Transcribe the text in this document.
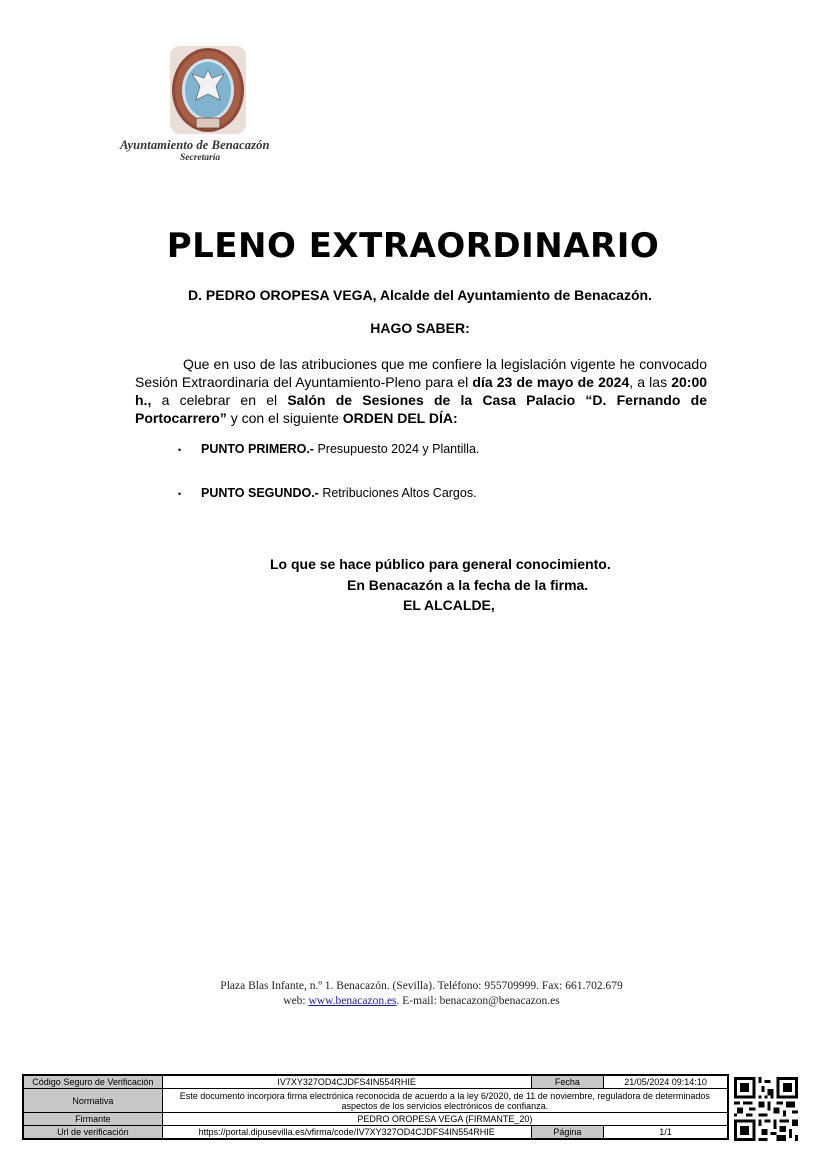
Ayuntamiento de Benacazón
Secretaría
PLENO EXTRAORDINARIO
D. PEDRO OROPESA VEGA, Alcalde del Ayuntamiento de Benacazón.
HAGO SABER:
Que en uso de las atribuciones que me confiere la legislación vigente he convocado Sesión Extraordinaria del Ayuntamiento-Pleno para el día 23 de mayo de 2024, a las 20:00 h., a celebrar en el Salón de Sesiones de la Casa Palacio “D. Fernando de Portocarrero” y con el siguiente ORDEN DEL DÍA:
• PUNTO PRIMERO.- Presupuesto 2024 y Plantilla.
• PUNTO SEGUNDO.- Retribuciones Altos Cargos.
Lo que se hace público para general conocimiento.
En Benacazón a la fecha de la firma.
EL ALCALDE,
Plaza Blas Infante, n.º 1. Benacazón. (Sevilla). Teléfono: 955709999. Fax: 661.702.679
web: www.benacazon.es. E-mail: benacazon@benacazon.es
Código Seguro de Verificación	IV7XY327OD4CJDFS4IN554RHIE	Fecha	21/05/2024 09:14:10
Normativa	Este documento incorpora firma electrónica reconocida de acuerdo a la ley 6/2020, de 11 de noviembre, reguladora de determinados aspectos de los servicios electrónicos de confianza.		
Firmante	PEDRO OROPESA VEGA (FIRMANTE_20)		
Url de verificación	https://portal.dipusevilla.es/vfirma/code/IV7XY327OD4CJDFS4IN554RHIE	Página	1/1
